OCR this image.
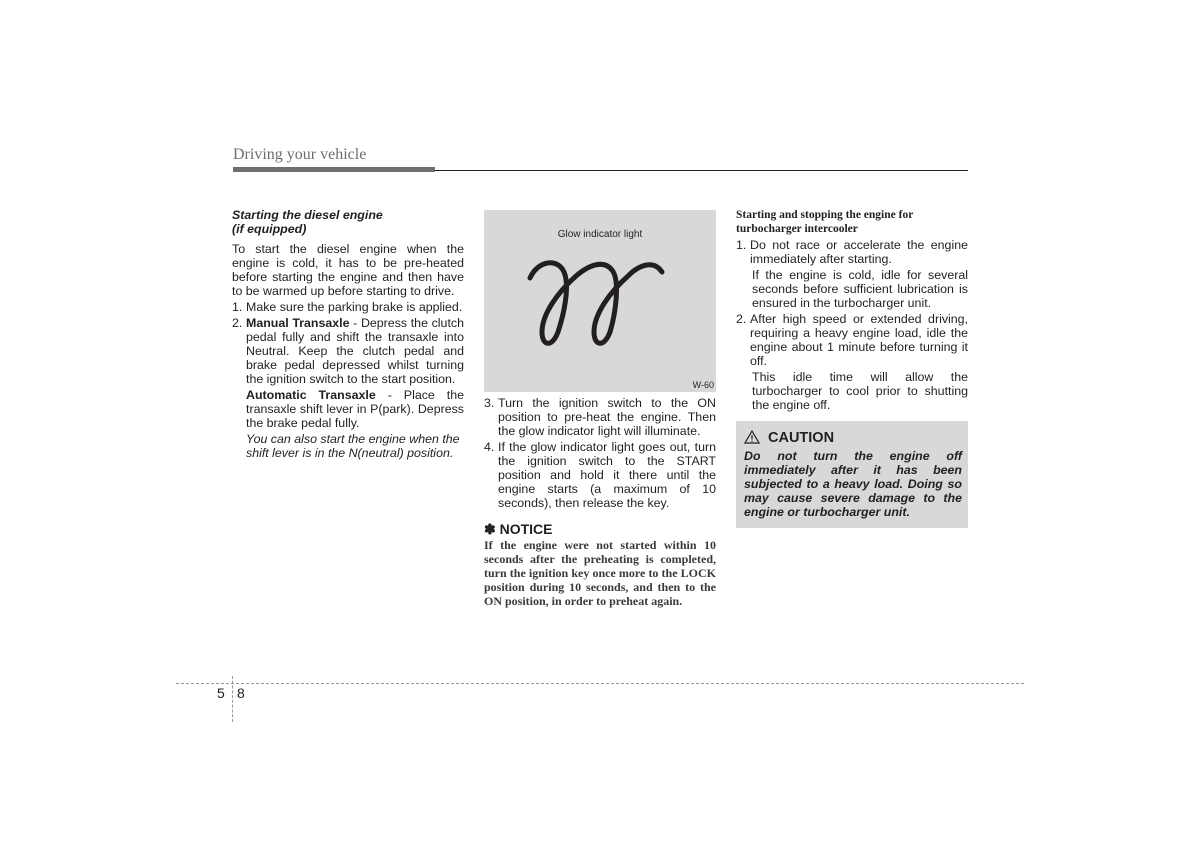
Driving your vehicle
Starting the diesel engine
(if equipped)

To start the diesel engine when the engine is cold, it has to be pre-heated before starting the engine and then have to be warmed up before starting to drive.

1. Make sure the parking brake is applied.
2. Manual Transaxle - Depress the clutch pedal fully and shift the transaxle into Neutral. Keep the clutch pedal and brake pedal depressed whilst turning the ignition switch to the start position.
Automatic Transaxle - Place the transaxle shift lever in P(park). Depress the brake pedal fully.
You can also start the engine when the shift lever is in the N(neutral) position.
Glow indicator light
W-60
3. Turn the ignition switch to the ON position to pre-heat the engine. Then the glow indicator light will illuminate.
4. If the glow indicator light goes out, turn the ignition switch to the START position and hold it there until the engine starts (a maximum of 10 seconds), then release the key.
✽ NOTICE
If the engine were not started within 10 seconds after the preheating is completed, turn the ignition key once more to the LOCK position during 10 seconds, and then to the ON position, in order to preheat again.
Starting and stopping the engine for turbocharger intercooler
1. Do not race or accelerate the engine immediately after starting.
If the engine is cold, idle for several seconds before sufficient lubrication is ensured in the turbocharger unit.
2. After high speed or extended driving, requiring a heavy engine load, idle the engine about 1 minute before turning it off.
This idle time will allow the turbocharger to cool prior to shutting the engine off.
CAUTION
Do not turn the engine off immediately after it has been subjected to a heavy load. Doing so may cause severe damage to the engine or turbocharger unit.
5 8
